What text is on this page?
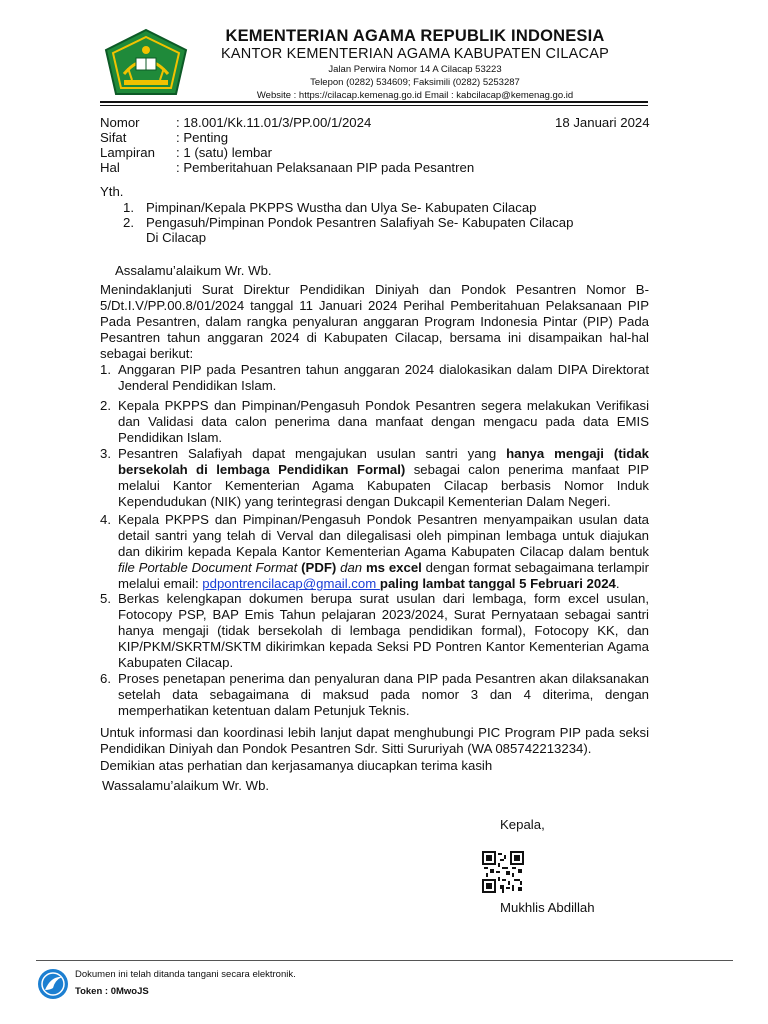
KEMENTERIAN AGAMA REPUBLIK INDONESIA
KANTOR KEMENTERIAN AGAMA KABUPATEN CILACAP
Jalan Perwira Nomor 14 A Cilacap 53223
Telepon (0282) 534609; Faksimili (0282) 5253287
Website : https://cilacap.kemenag.go.id Email : kabcilacap@kemenag.go.id
Nomor	: 18.001/Kk.11.01/3/PP.00/1/2024	18 Januari 2024
Sifat	: Penting
Lampiran : 1 (satu) lembar
Hal	: Pemberitahuan Pelaksanaan PIP pada Pesantren
Yth.
1. Pimpinan/Kepala PKPPS Wustha dan Ulya Se- Kabupaten Cilacap
2. Pengasuh/Pimpinan Pondok Pesantren Salafiyah Se- Kabupaten Cilacap
Di Cilacap
Assalamu’alaikum Wr. Wb.
Menindaklanjuti Surat Direktur Pendidikan Diniyah dan Pondok Pesantren Nomor B-5/Dt.I.V/PP.00.8/01/2024 tanggal 11 Januari 2024 Perihal Pemberitahuan Pelaksanaan PIP Pada Pesantren, dalam rangka penyaluran anggaran Program Indonesia Pintar (PIP) Pada Pesantren tahun anggaran 2024 di Kabupaten Cilacap, bersama ini disampaikan hal-hal sebagai berikut:
1. Anggaran PIP pada Pesantren tahun anggaran 2024 dialokasikan dalam DIPA Direktorat Jenderal Pendidikan Islam.
2. Kepala PKPPS dan Pimpinan/Pengasuh Pondok Pesantren segera melakukan Verifikasi dan Validasi data calon penerima dana manfaat dengan mengacu pada data EMIS Pendidikan Islam.
3. Pesantren Salafiyah dapat mengajukan usulan santri yang hanya mengaji (tidak bersekolah di lembaga Pendidikan Formal) sebagai calon penerima manfaat PIP melalui Kantor Kementerian Agama Kabupaten Cilacap berbasis Nomor Induk Kependudukan (NIK) yang terintegrasi dengan Dukcapil Kementerian Dalam Negeri.
4. Kepala PKPPS dan Pimpinan/Pengasuh Pondok Pesantren menyampaikan usulan data detail santri yang telah di Verval dan dilegalisasi oleh pimpinan lembaga untuk diajukan dan dikirim kepada Kepala Kantor Kementerian Agama Kabupaten Cilacap dalam bentuk file Portable Document Format (PDF) dan ms excel dengan format sebagaimana terlampir melalui email: pdpontrencilacap@gmail.com paling lambat tanggal 5 Februari 2024.
5. Berkas kelengkapan dokumen berupa surat usulan dari lembaga, form excel usulan, Fotocopy PSP, BAP Emis Tahun pelajaran 2023/2024, Surat Pernyataan sebagai santri hanya mengaji (tidak bersekolah di lembaga pendidikan formal), Fotocopy KK, dan KIP/PKM/SKRTM/SKTM dikirimkan kepada Seksi PD Pontren Kantor Kementerian Agama Kabupaten Cilacap.
6. Proses penetapan penerima dan penyaluran dana PIP pada Pesantren akan dilaksanakan setelah data sebagaimana di maksud pada nomor 3 dan 4 diterima, dengan memperhatikan ketentuan dalam Petunjuk Teknis.
Untuk informasi dan koordinasi lebih lanjut dapat menghubungi PIC Program PIP pada seksi Pendidikan Diniyah dan Pondok Pesantren Sdr. Sitti Sururiyah (WA 085742213234).
Demikian atas perhatian dan kerjasamanya diucapkan terima kasih
Wassalamu’alaikum Wr. Wb.
Kepala,
Mukhlis Abdillah
Dokumen ini telah ditanda tangani secara elektronik.
Token : 0MwoJS
